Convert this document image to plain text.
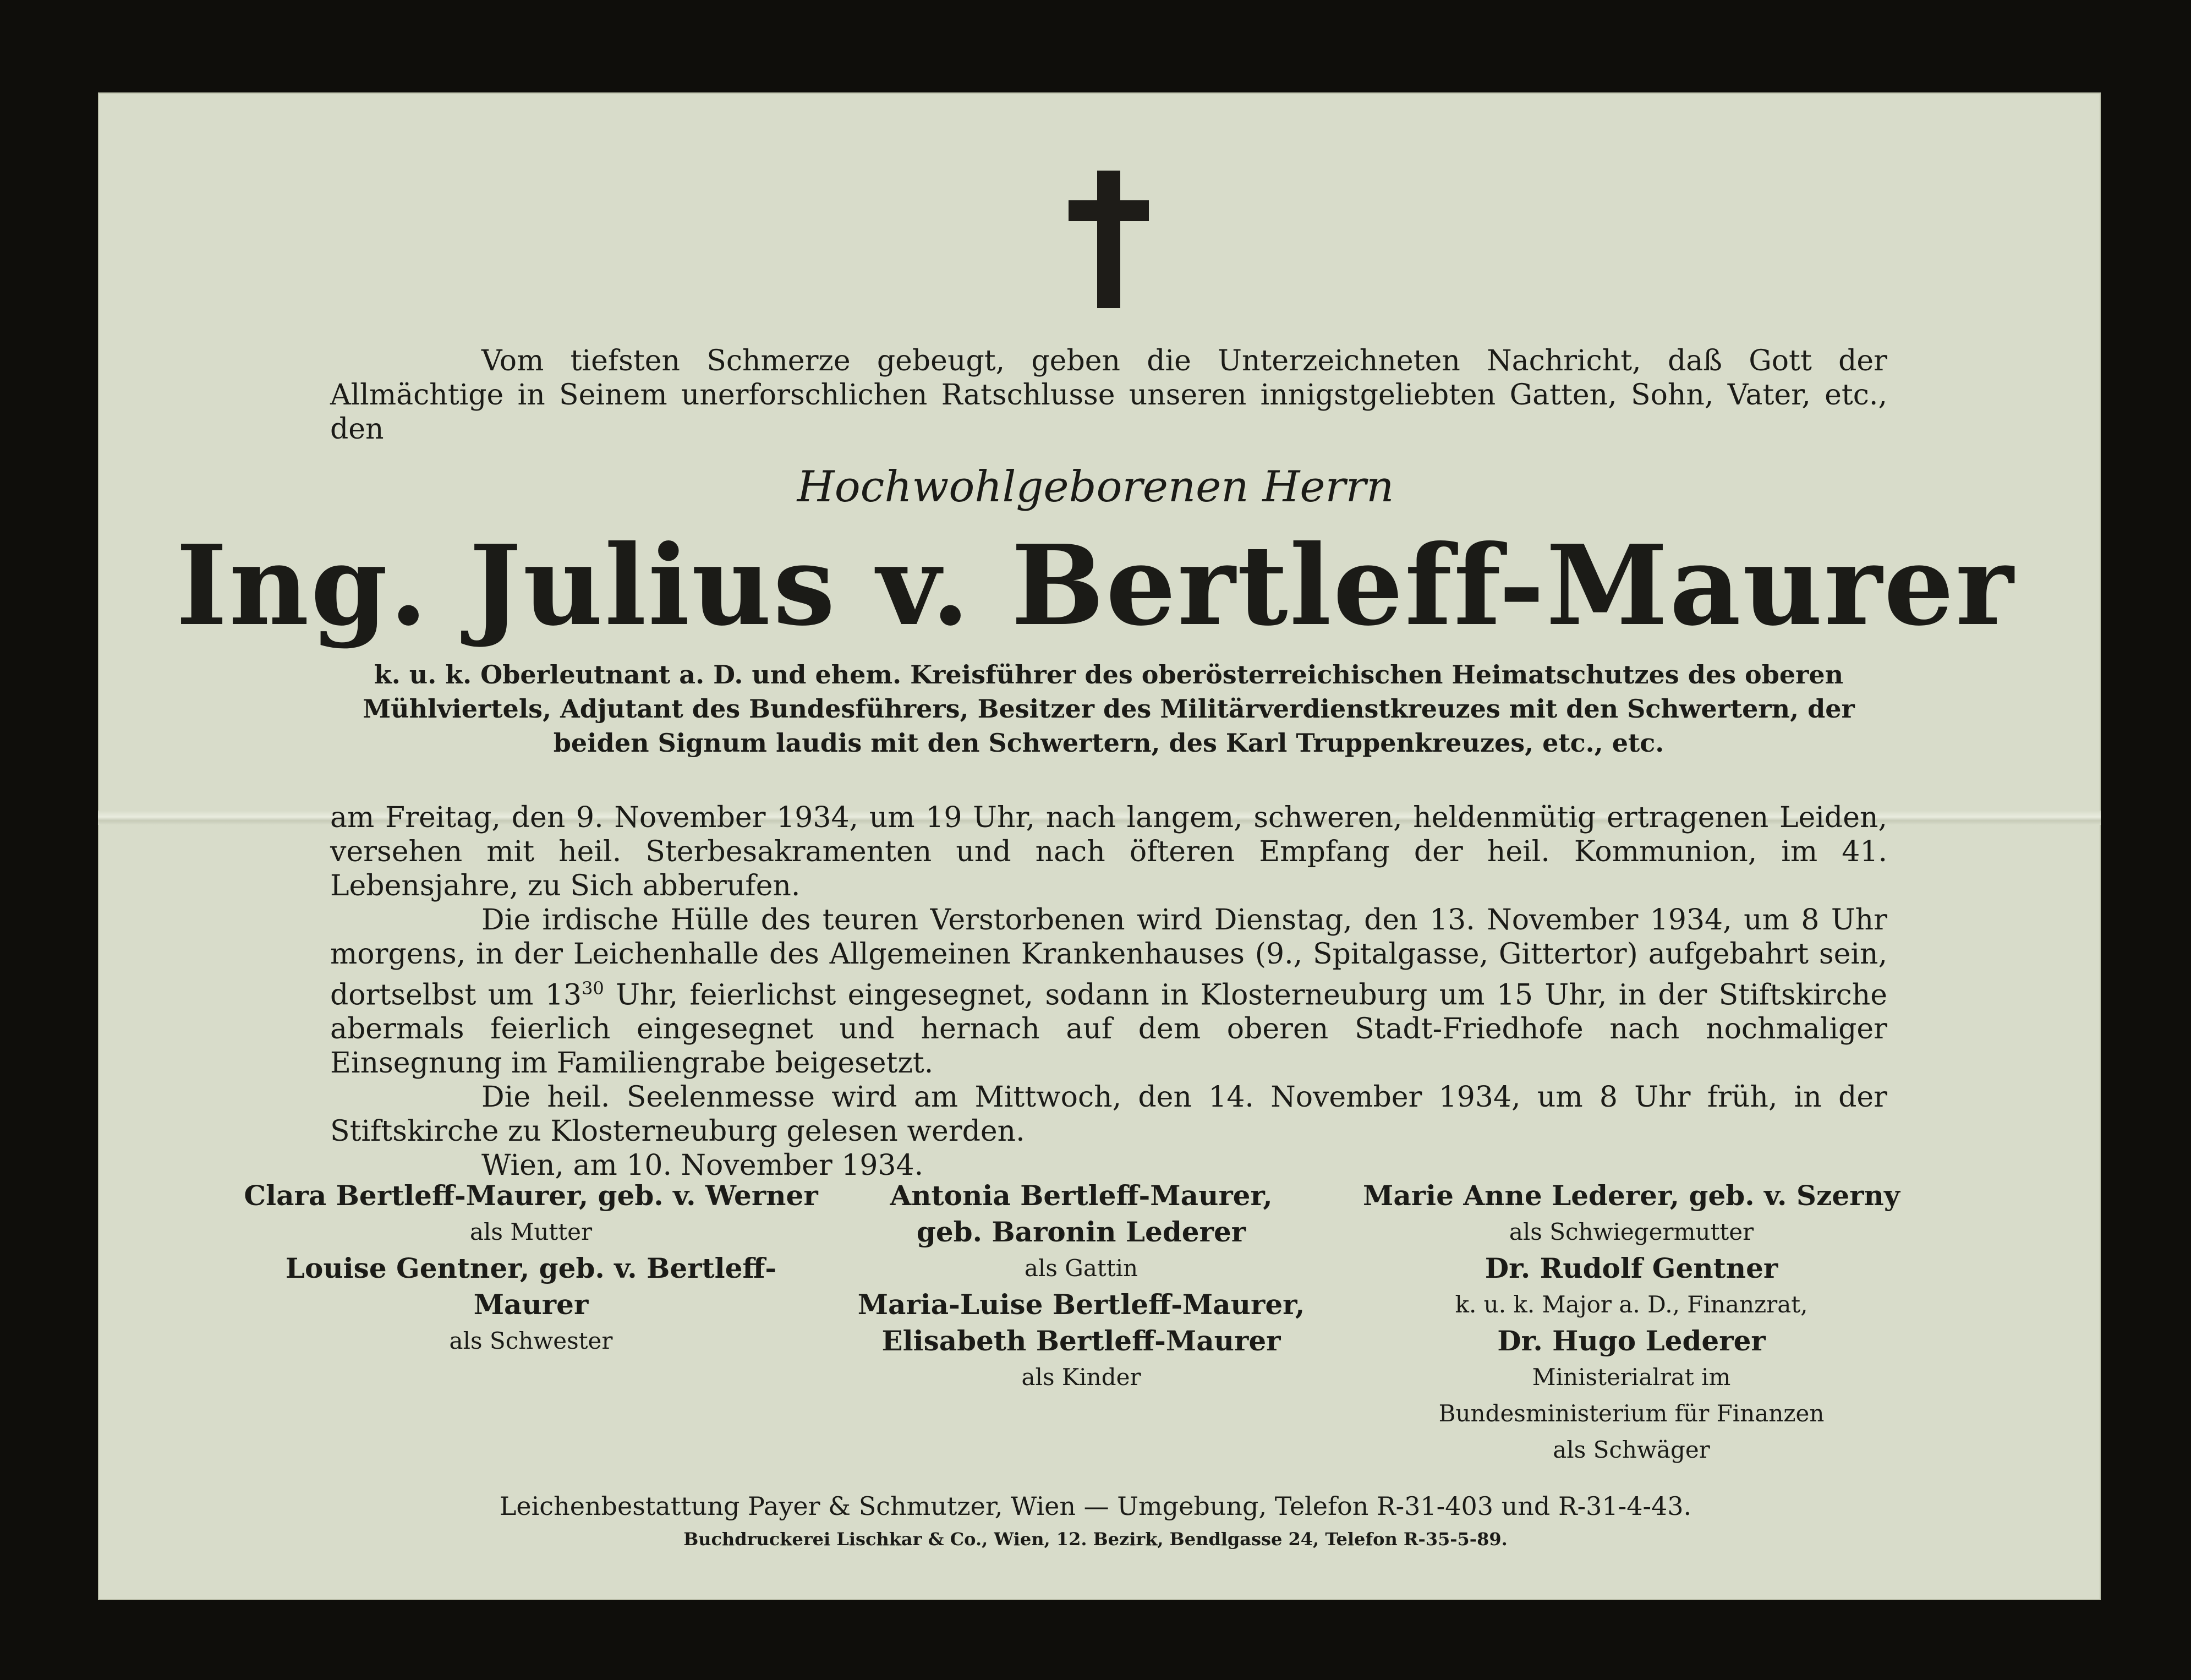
Vom tiefsten Schmerze gebeugt, geben die Unterzeichneten Nachricht, daß Gott der Allmächtige in Seinem unerforschlichen Ratschlusse unseren innigstgeliebten Gatten, Sohn, Vater, etc., den

Hochwohlgeborenen Herrn
Ing. Julius v. Bertleff-Maurer
k. u. k. Oberleutnant a. D. und ehem. Kreisführer des oberösterreichischen Heimatschutzes des oberen Mühlviertels, Adjutant des Bundesführers, Besitzer des Militärverdienstkreuzes mit den Schwertern, der beiden Signum laudis mit den Schwertern, des Karl Truppenkreuzes, etc., etc.

am Freitag, den 9. November 1934, um 19 Uhr, nach langem, schweren, heldenmütig ertragenen Leiden, versehen mit heil. Sterbesakramenten und nach öfteren Empfang der heil. Kommunion, im 41. Lebensjahre, zu Sich abberufen.

Die irdische Hülle des teuren Verstorbenen wird Dienstag, den 13. November 1934, um 8 Uhr morgens, in der Leichenhalle des Allgemeinen Krankenhauses (9., Spitalgasse, Gittertor) aufgebahrt sein, dortselbst um $13^{30}$ Uhr, feierlichst eingesegnet, sodann in Klosterneuburg um 15 Uhr, in der Stiftskirche abermals feierlich eingesegnet und hernach auf dem oberen Stadt-Friedhofe nach nochmaliger Einsegnung im Familiengrabe beigesetzt.

Die heil. Seelenmesse wird am Mittwoch, den 14. November 1934, um 8 Uhr früh, in der Stiftskirche zu Klosterneuburg gelesen werden.

Wien, am 10. November 1934.

Clara Bertleff-Maurer, geb. v. Werner
als Mutter
Louise Gentner, geb. v. Bertleff-Maurer
als Schwester
Antonia Bertleff-Maurer,
geb. Baronin Lederer
als Gattin
Maria-Luise Bertleff-Maurer,
Elisabeth Bertleff-Maurer
als Kinder
Marie Anne Lederer, geb. v. Szerny
als Schwiegermutter
Dr. Rudolf Gentner
k. u. k. Major a. D., Finanzrat,
Dr. Hugo Lederer
Ministerialrat im
Bundesministerium für Finanzen
als Schwäger
Leichenbestattung Payer & Schmutzer, Wien — Umgebung, Telefon R-31-403 und R-31-4-43.
Buchdruckerei Lischkar & Co., Wien, 12. Bezirk, Bendlgasse 24, Telefon R-35-5-89.
